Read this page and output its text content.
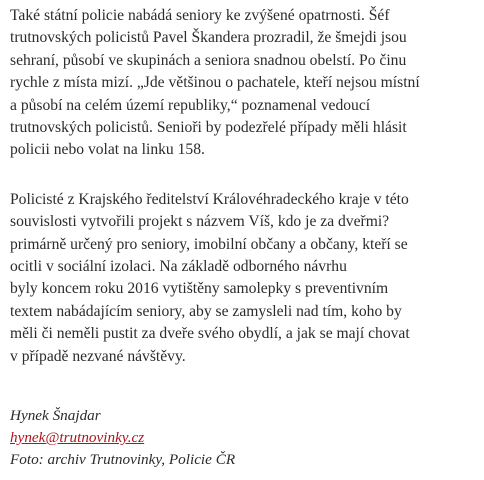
Také státní policie nabádá seniory ke zvýšené opatrnosti. Šéf
trutnovských policistů Pavel Škandera prozradil, že šmejdi jsou
sehraní, působí ve skupinách a seniora snadnou obelstí. Po činu
rychle z místa mizí. „Jde většinou o pachatele, kteří nejsou místní
a působí na celém území republiky,“ poznamenal vedoucí
trutnovských policistů. Senioři by podezřelé případy měli hlásit
policii nebo volat na linku 158.

Policisté z Krajského ředitelství Královéhradeckého kraje v této
souvislosti vytvořili projekt s názvem Víš, kdo je za dveřmi?
primárně určený pro seniory, imobilní občany a občany, kteří se
ocitli v sociální izolaci. Na základě odborného návrhu
byly koncem roku 2016 vytištěny samolepky s preventivním
textem nabádajícím seniory, aby se zamysleli nad tím, koho by
měli či neměli pustit za dveře svého obydlí, a jak se mají chovat
v případě nezvané návštěvy.

Hynek Šnajdar
hynek@trutnovinky.cz
Foto: archiv Trutnovinky, Policie ČR
